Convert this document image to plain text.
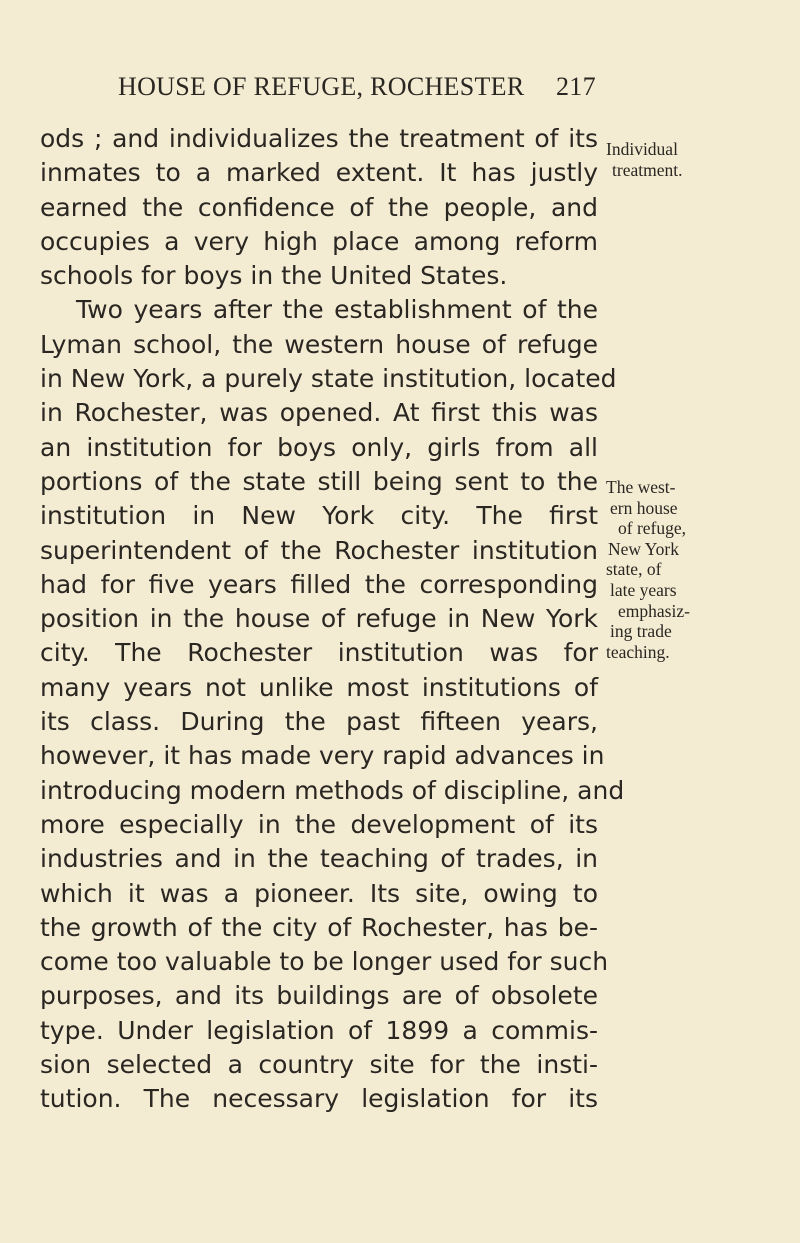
HOUSE OF REFUGE, ROCHESTER 217
ods ; and individualizes the treatment of its
inmates to a marked extent. It has justly
earned the confidence of the people, and
occupies a very high place among reform
schools for boys in the United States.
Two years after the establishment of the
Lyman school, the western house of refuge
in New York, a purely state institution, located
in Rochester, was opened. At first this was
an institution for boys only, girls from all
portions of the state still being sent to the
institution in New York city. The first
superintendent of the Rochester institution
had for five years filled the corresponding
position in the house of refuge in New York
city. The Rochester institution was for
many years not unlike most institutions of
its class. During the past fifteen years,
however, it has made very rapid advances in
introducing modern methods of discipline, and
more especially in the development of its
industries and in the teaching of trades, in
which it was a pioneer. Its site, owing to
the growth of the city of Rochester, has be-
come too valuable to be longer used for such
purposes, and its buildings are of obsolete
type. Under legislation of 1899 a commis-
sion selected a country site for the insti-
tution. The necessary legislation for its
Individual
treatment.
The west-
ern house
of refuge,
New York
state, of
late years
emphasiz-
ing trade
teaching.
